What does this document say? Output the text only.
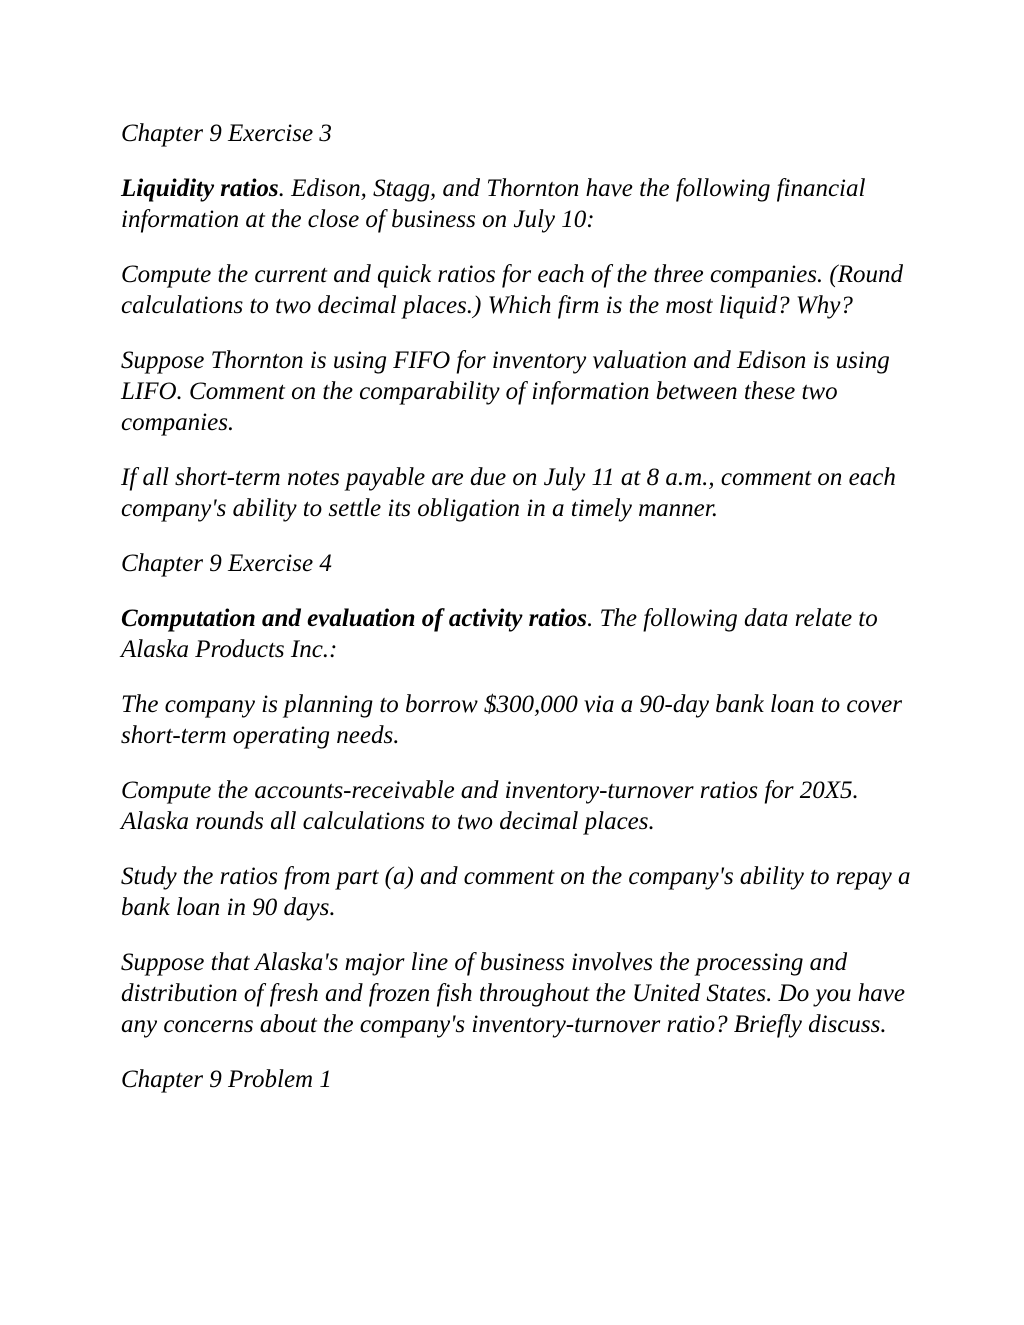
Chapter 9 Exercise 3

Liquidity ratios. Edison, Stagg, and Thornton have the following financial information at the close of business on July 10:

Compute the current and quick ratios for each of the three companies. (Round calculations to two decimal places.) Which firm is the most liquid? Why?

Suppose Thornton is using FIFO for inventory valuation and Edison is using LIFO. Comment on the comparability of information between these two companies.

If all short-term notes payable are due on July 11 at 8 a.m., comment on each company's ability to settle its obligation in a timely manner.

Chapter 9 Exercise 4

Computation and evaluation of activity ratios. The following data relate to Alaska Products Inc.:

The company is planning to borrow $300,000 via a 90-day bank loan to cover short-term operating needs.

Compute the accounts-receivable and inventory-turnover ratios for 20X5. Alaska rounds all calculations to two decimal places.

Study the ratios from part (a) and comment on the company's ability to repay a bank loan in 90 days.

Suppose that Alaska's major line of business involves the processing and distribution of fresh and frozen fish throughout the United States. Do you have any concerns about the company's inventory-turnover ratio? Briefly discuss.

Chapter 9 Problem 1
